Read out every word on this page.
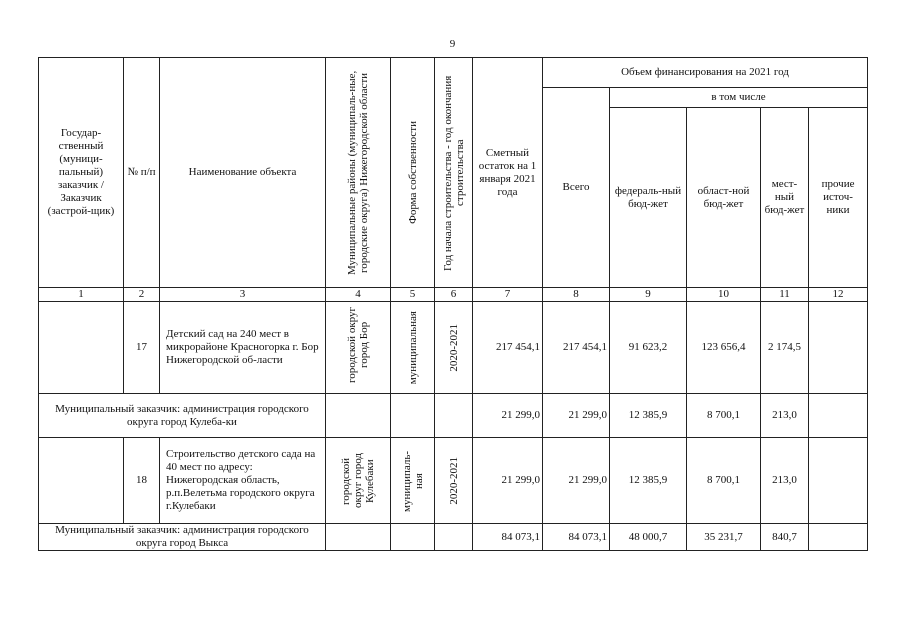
9
Государ-ственный (муници-пальный) заказчик / Заказчик (застрой-щик)	№ п/п	Наименование объекта	Муниципальные районы (муниципаль-ные, городские округа) Нижегородской области	Форма собственности	Год начала строительства - год окончания строительства	Сметный остаток на 1 января 2021 года	Объем финансирования на 2021 год				
							Всего	в том числе			
								федераль-ный бюд-жет	област-ной бюд-жет	мест-ный бюд-жет	прочие источ-ники
1	2	3	4	5	6	7	8	9	10	11	12
	17	Детский сад на 240 мест в микрорайоне Красногорка г. Бор Нижегородской об-ласти	городской округ город Бор	муниципальная	2020-2021	217 454,1	217 454,1	91 623,2	123 656,4	2 174,5	
Муниципальный заказчик: администрация городского округа город Кулеба-ки						21 299,0	21 299,0	12 385,9	8 700,1	213,0	
	18	Строительство детского сада на 40 мест по адресу: Нижегородская область, р.п.Велетьма городского округа г.Кулебаки	городской округ город Кулебаки	муниципаль-ная	2020-2021	21 299,0	21 299,0	12 385,9	8 700,1	213,0	
Муниципальный заказчик: администрация городского округа город Выкса						84 073,1	84 073,1	48 000,7	35 231,7	840,7	
